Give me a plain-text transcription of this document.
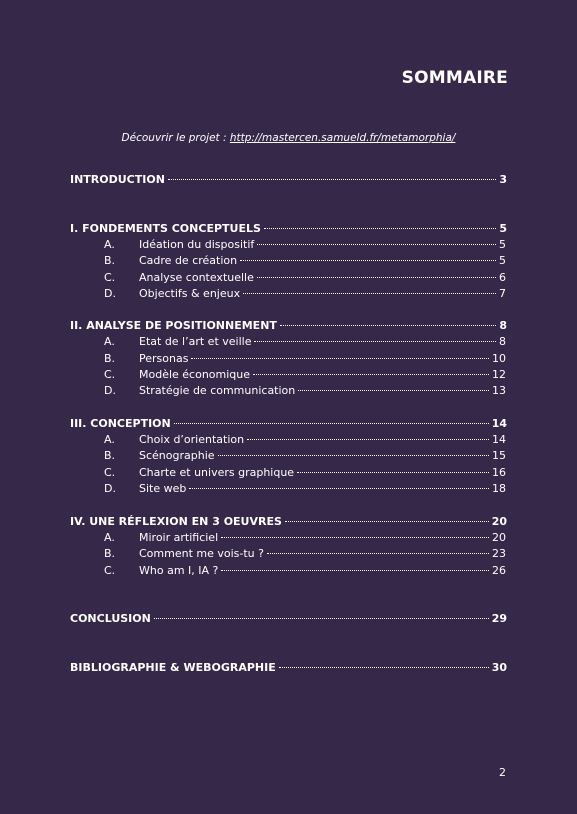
SOMMAIRE
Découvrir le projet : http://mastercen.samueld.fr/metamorphia/
INTRODUCTION	3
I. FONDEMENTS CONCEPTUELS	5
A.	Idéation du dispositif	5
B.	Cadre de création	5
C.	Analyse contextuelle	6
D.	Objectifs & enjeux	7
II. ANALYSE DE POSITIONNEMENT	8
A.	Etat de l’art et veille	8
B.	Personas	10
C.	Modèle économique	12
D.	Stratégie de communication	13
III. CONCEPTION	14
A.	Choix d’orientation	14
B.	Scénographie	15
C.	Charte et univers graphique	16
D.	Site web	18
IV. UNE RÉFLEXION EN 3 OEUVRES	20
A.	Miroir artificiel	20
B.	Comment me vois-tu ?	23
C.	Who am I, IA ?	26
CONCLUSION	29
BIBLIOGRAPHIE & WEBOGRAPHIE	30
2
